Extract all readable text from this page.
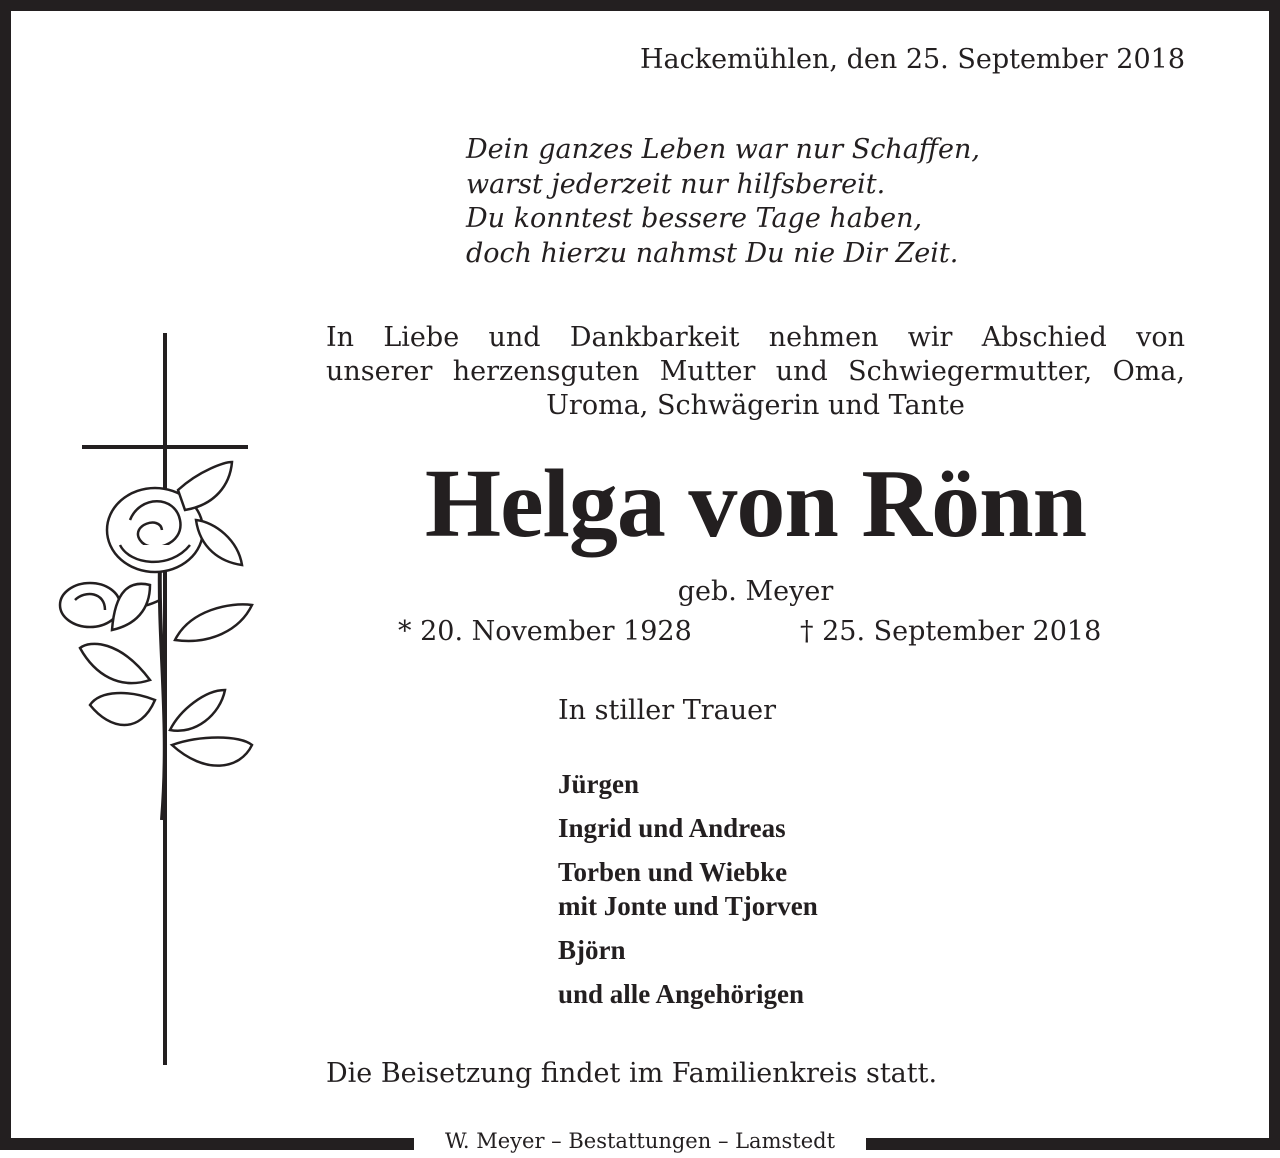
Hackemühlen, den 25. September 2018
Dein ganzes Leben war nur Schaffen,
warst jederzeit nur hilfsbereit.
Du konntest bessere Tage haben,
doch hierzu nahmst Du nie Dir Zeit.
In Liebe und Dankbarkeit nehmen wir Abschied von
unserer herzensguten Mutter und Schwiegermutter, Oma,
Uroma, Schwägerin und Tante
Helga von Rönn
geb. Meyer
* 20. November 1928	† 25. September 2018
In stiller Trauer
Jürgen
Ingrid und Andreas
Torben und Wiebke
mit Jonte und Tjorven
Björn
und alle Angehörigen
Die Beisetzung findet im Familienkreis statt.
W. Meyer – Bestattungen – Lamstedt
